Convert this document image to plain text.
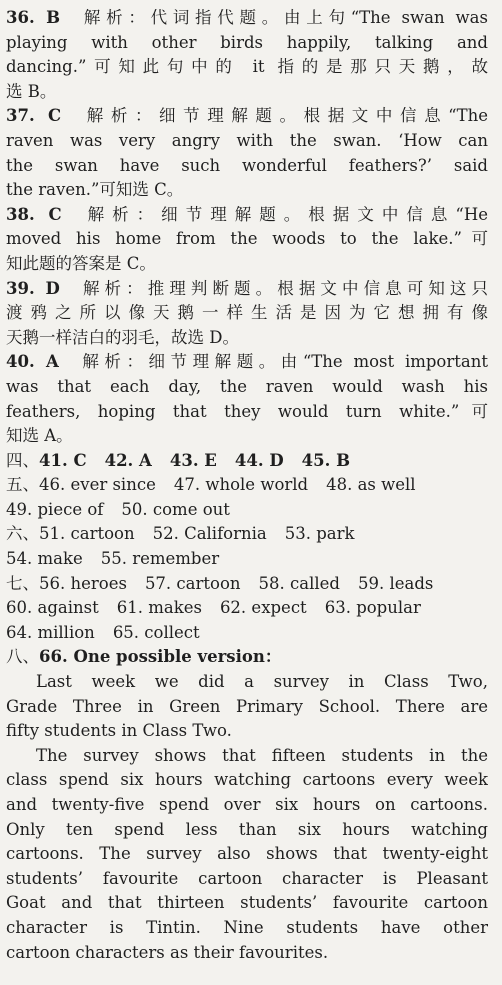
36. B 解析：代词指代题。由上句“The swan was
playing with other birds happily, talking and
dancing.”可知此句中的 it 指的是那只天鹅，故
选 B。
37. C 解析：细节理解题。根据文中信息“The
raven was very angry with the swan. ‘How can
the swan have such wonderful feathers?’ said
the raven.”可知选 C。
38. C 解析：细节理解题。根据文中信息“He
moved his home from the woods to the lake.”可
知此题的答案是 C。
39. D 解析：推理判断题。根据文中信息可知这只
渡鸦之所以像天鹅一样生活是因为它想拥有像
天鹅一样洁白的羽毛，故选 D。
40. A 解析：细节理解题。由“The most important
was that each day, the raven would wash his
feathers, hoping that they would turn white.”可
知选 A。
四、41. C 42. A 43. E 44. D 45. B
五、46. ever since 47. whole world 48. as well
49. piece of 50. come out
六、51. cartoon 52. California 53. park
54. make 55. remember
七、56. heroes 57. cartoon 58. called 59. leads
60. against 61. makes 62. expect 63. popular
64. million 65. collect
八、66. One possible version：
Last week we did a survey in Class Two,
Grade Three in Green Primary School. There are
fifty students in Class Two.
The survey shows that fifteen students in the
class spend six hours watching cartoons every week
and twenty-five spend over six hours on cartoons.
Only ten spend less than six hours watching
cartoons. The survey also shows that twenty-eight
students’ favourite cartoon character is Pleasant
Goat and that thirteen students’ favourite cartoon
character is Tintin. Nine students have other
cartoon characters as their favourites.
